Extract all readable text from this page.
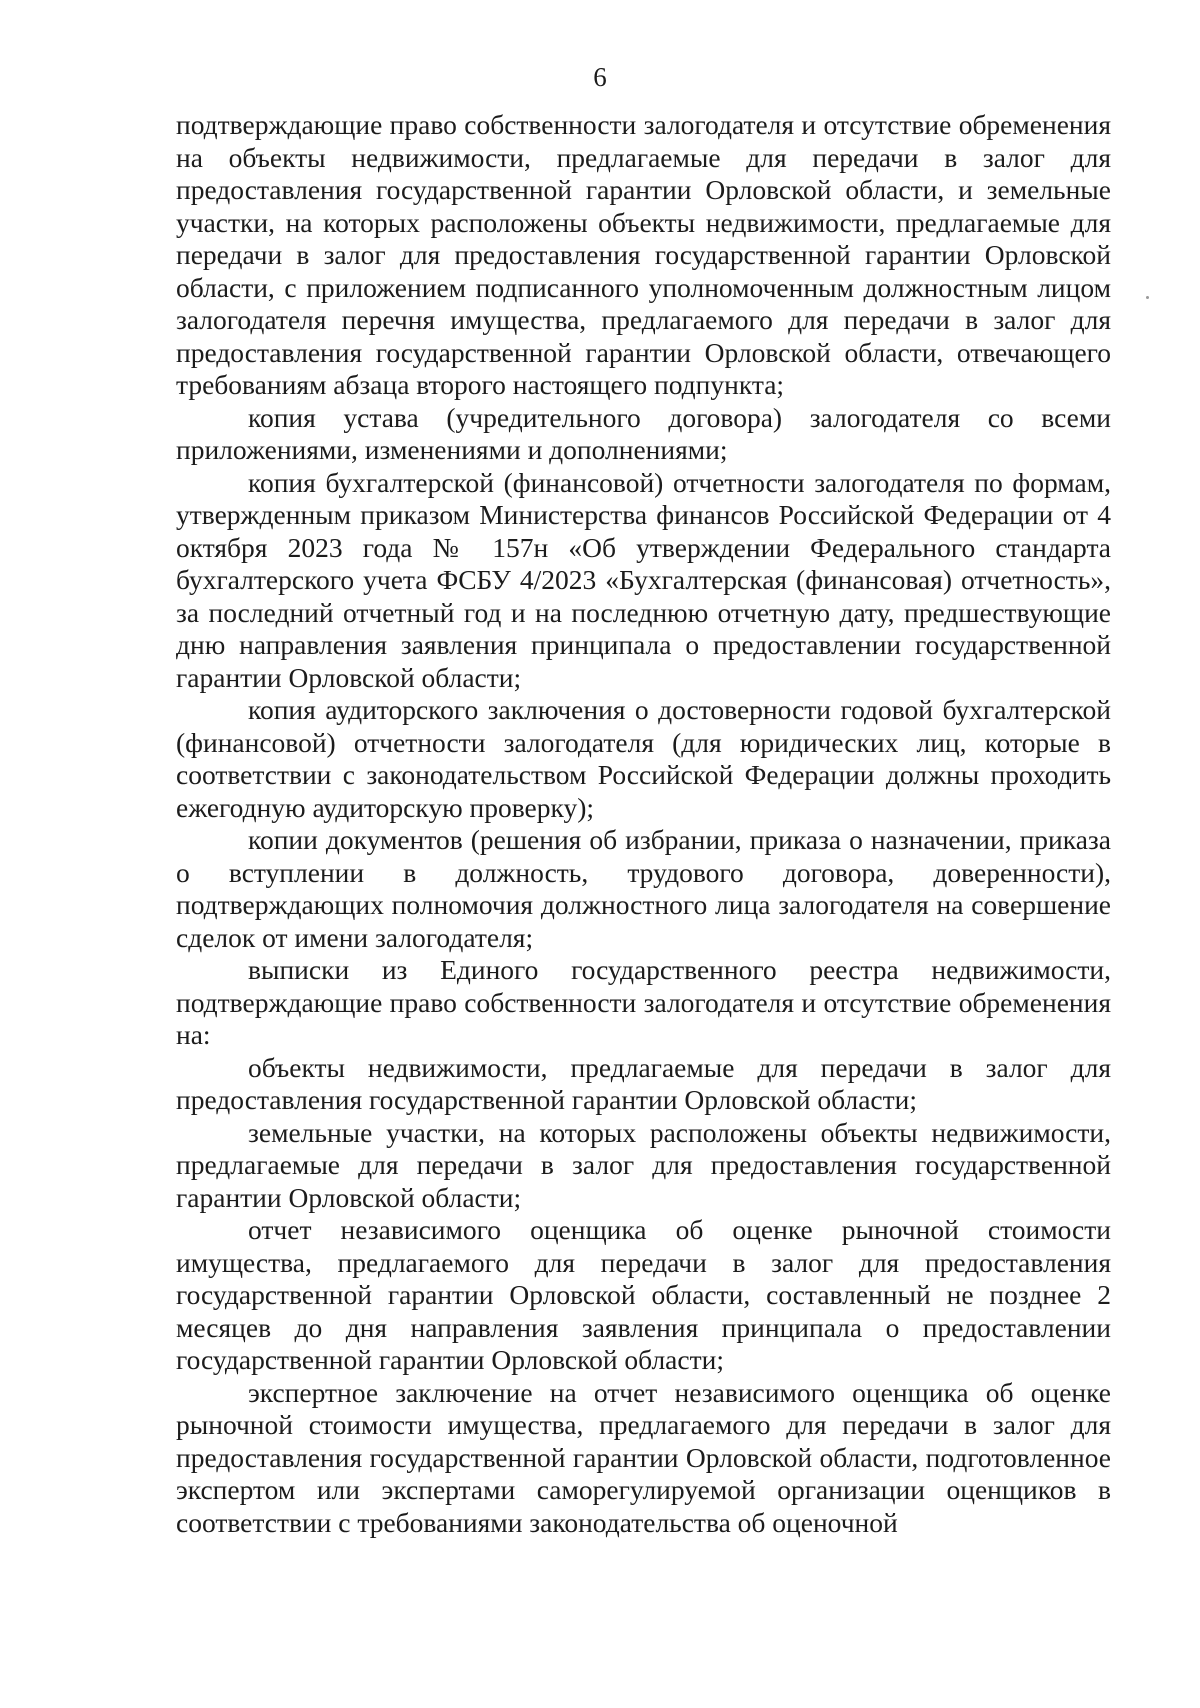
6

подтверждающие право собственности залогодателя и отсутствие обременения на объекты недвижимости, предлагаемые для передачи в залог для предоставления государственной гарантии Орловской области, и земельные участки, на которых расположены объекты недвижимости, предлагаемые для передачи в залог для предоставления государственной гарантии Орловской области, с приложением подписанного уполномоченным должностным лицом залогодателя перечня имущества, предлагаемого для передачи в залог для предоставления государственной гарантии Орловской области, отвечающего требованиям абзаца второго настоящего подпункта;

копия устава (учредительного договора) залогодателя со всеми приложениями, изменениями и дополнениями;

копия бухгалтерской (финансовой) отчетности залогодателя по формам, утвержденным приказом Министерства финансов Российской Федерации от 4 октября 2023 года № 157н «Об утверждении Федерального стандарта бухгалтерского учета ФСБУ 4/2023 «Бухгалтерская (финансовая) отчетность», за последний отчетный год и на последнюю отчетную дату, предшествующие дню направления заявления принципала о предоставлении государственной гарантии Орловской области;

копия аудиторского заключения о достоверности годовой бухгалтерской (финансовой) отчетности залогодателя (для юридических лиц, которые в соответствии с законодательством Российской Федерации должны проходить ежегодную аудиторскую проверку);

копии документов (решения об избрании, приказа о назначении, приказа о вступлении в должность, трудового договора, доверенности), подтверждающих полномочия должностного лица залогодателя на совершение сделок от имени залогодателя;

выписки из Единого государственного реестра недвижимости, подтверждающие право собственности залогодателя и отсутствие обременения на:

объекты недвижимости, предлагаемые для передачи в залог для предоставления государственной гарантии Орловской области;

земельные участки, на которых расположены объекты недвижимости, предлагаемые для передачи в залог для предоставления государственной гарантии Орловской области;

отчет независимого оценщика об оценке рыночной стоимости имущества, предлагаемого для передачи в залог для предоставления государственной гарантии Орловской области, составленный не позднее 2 месяцев до дня направления заявления принципала о предоставлении государственной гарантии Орловской области;

экспертное заключение на отчет независимого оценщика об оценке рыночной стоимости имущества, предлагаемого для передачи в залог для предоставления государственной гарантии Орловской области, подготовленное экспертом или экспертами саморегулируемой организации оценщиков в соответствии с требованиями законодательства об оценочной
